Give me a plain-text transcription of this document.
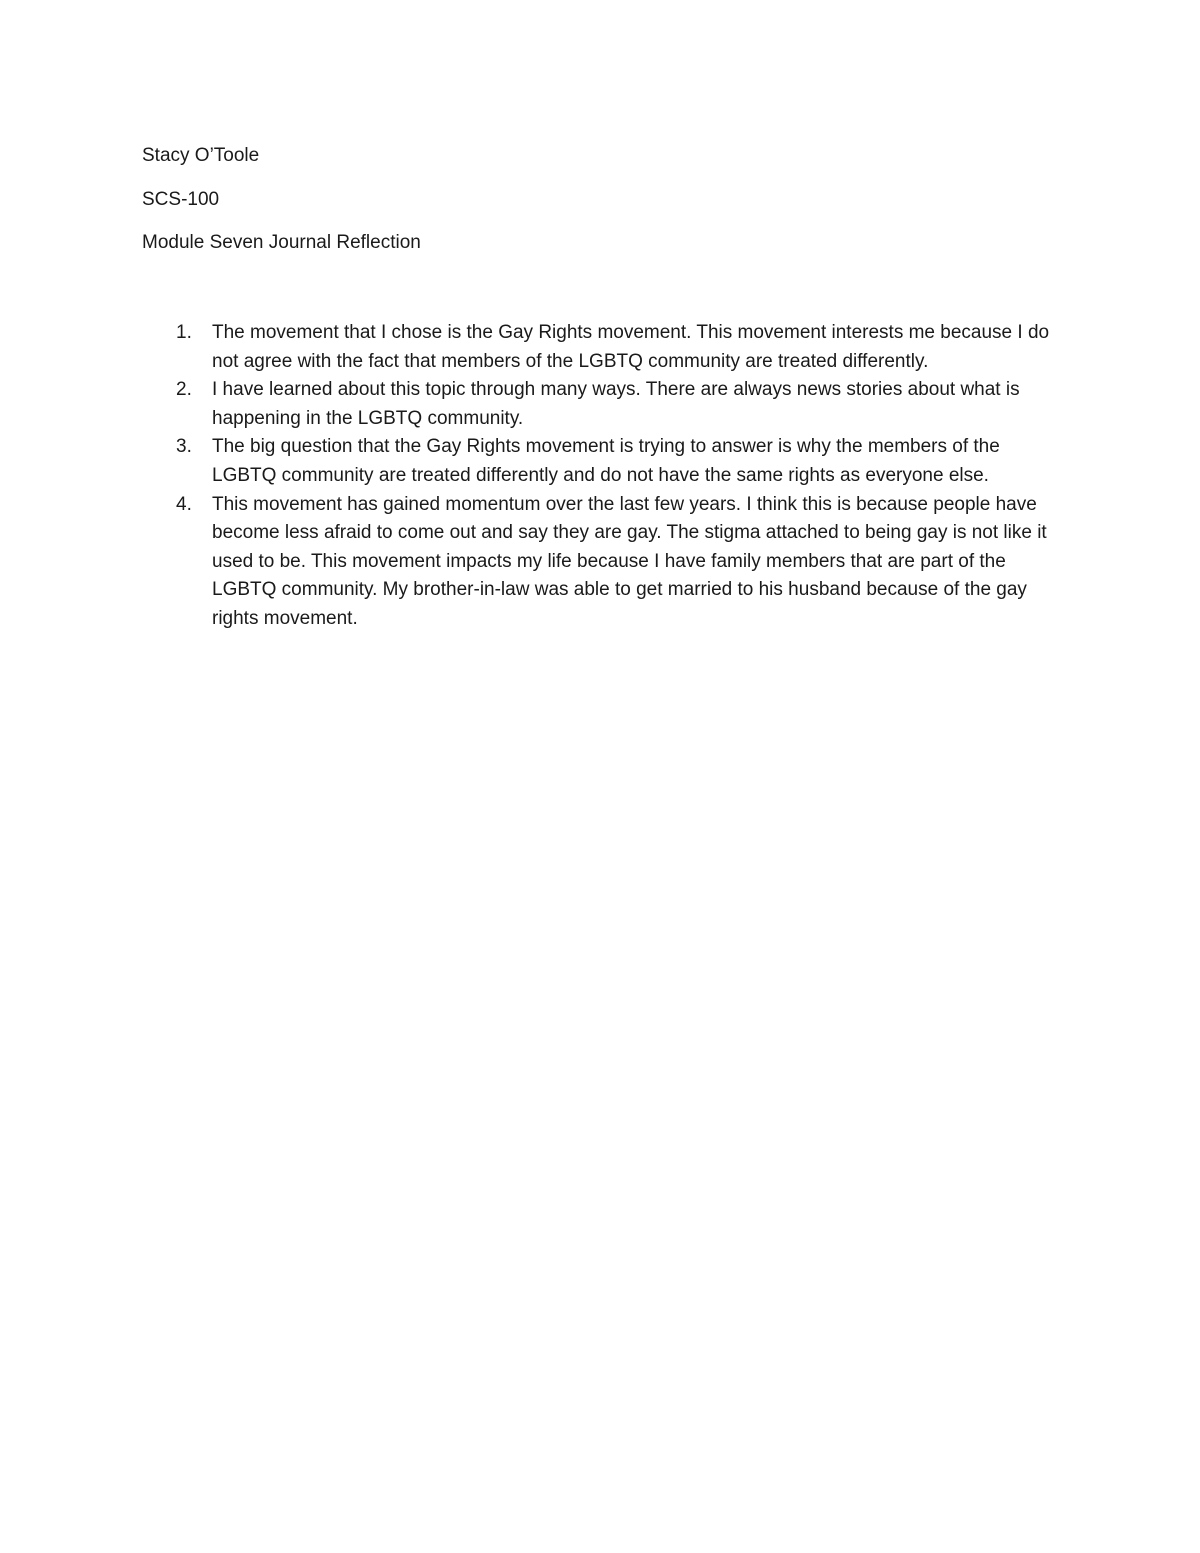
Stacy O’Toole
SCS-100
Module Seven Journal Reflection
1. The movement that I chose is the Gay Rights movement. This movement interests me because I do not agree with the fact that members of the LGBTQ community are treated differently.
2. I have learned about this topic through many ways. There are always news stories about what is happening in the LGBTQ community.
3. The big question that the Gay Rights movement is trying to answer is why the members of the LGBTQ community are treated differently and do not have the same rights as everyone else.
4. This movement has gained momentum over the last few years. I think this is because people have become less afraid to come out and say they are gay. The stigma attached to being gay is not like it used to be. This movement impacts my life because I have family members that are part of the LGBTQ community. My brother-in-law was able to get married to his husband because of the gay rights movement.
